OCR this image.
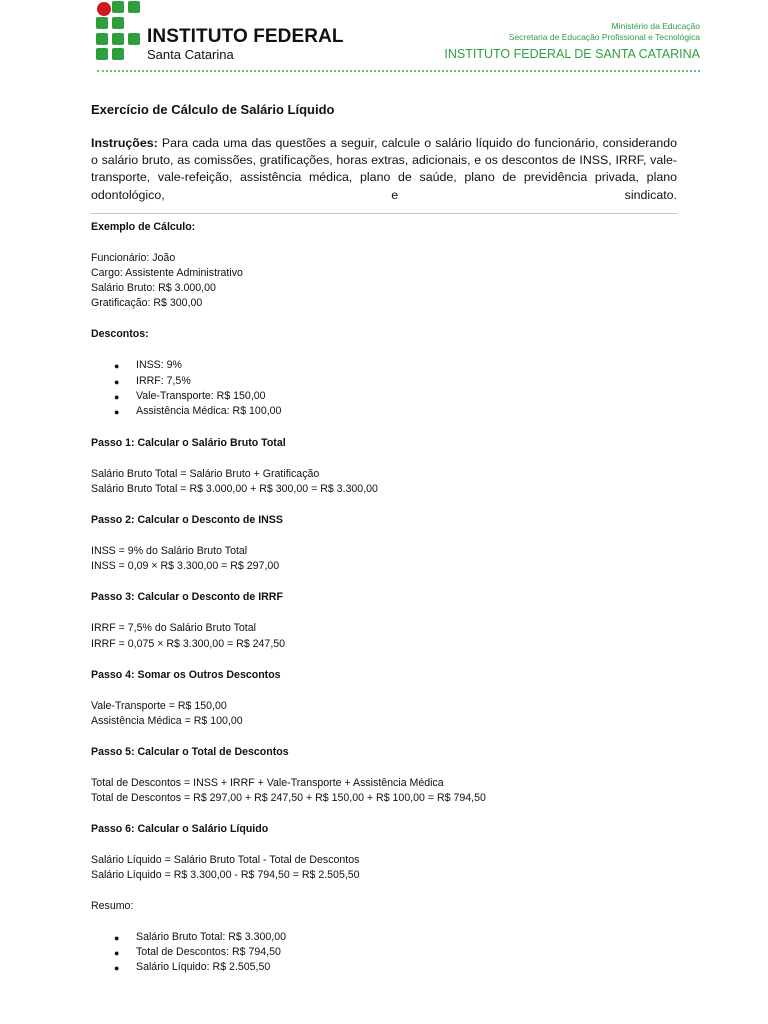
INSTITUTO FEDERAL
Santa Catarina
Ministério da Educação
Secretaria de Educação Profissional e Tecnológica
INSTITUTO FEDERAL DE SANTA CATARINA
Exercício de Cálculo de Salário Líquido

Instruções: Para cada uma das questões a seguir, calcule o salário líquido do funcionário, considerando o salário bruto, as comissões, gratificações, horas extras, adicionais, e os descontos de INSS, IRRF, vale-transporte, vale-refeição, assistência médica, plano de saúde, plano de previdência privada, plano odontológico, e sindicato.

Exemplo de Cálculo:
Funcionário: João
Cargo: Assistente Administrativo
Salário Bruto: R$ 3.000,00
Gratificação: R$ 300,00
Descontos:
● INSS: 9%
● IRRF: 7,5%
● Vale-Transporte: R$ 150,00
● Assistência Médica: R$ 100,00
Passo 1: Calcular o Salário Bruto Total
Salário Bruto Total = Salário Bruto + Gratificação
Salário Bruto Total = R$ 3.000,00 + R$ 300,00 = R$ 3.300,00
Passo 2: Calcular o Desconto de INSS
INSS = 9% do Salário Bruto Total
INSS = 0,09 × R$ 3.300,00 = R$ 297,00
Passo 3: Calcular o Desconto de IRRF
IRRF = 7,5% do Salário Bruto Total
IRRF = 0,075 × R$ 3.300,00 = R$ 247,50
Passo 4: Somar os Outros Descontos
Vale-Transporte = R$ 150,00
Assistência Médica = R$ 100,00
Passo 5: Calcular o Total de Descontos
Total de Descontos = INSS + IRRF + Vale-Transporte + Assistência Médica
Total de Descontos = R$ 297,00 + R$ 247,50 + R$ 150,00 + R$ 100,00 = R$ 794,50
Passo 6: Calcular o Salário Líquido
Salário Líquido = Salário Bruto Total - Total de Descontos
Salário Líquido = R$ 3.300,00 - R$ 794,50 = R$ 2.505,50
Resumo:
● Salário Bruto Total: R$ 3.300,00
● Total de Descontos: R$ 794,50
● Salário Líquido: R$ 2.505,50
